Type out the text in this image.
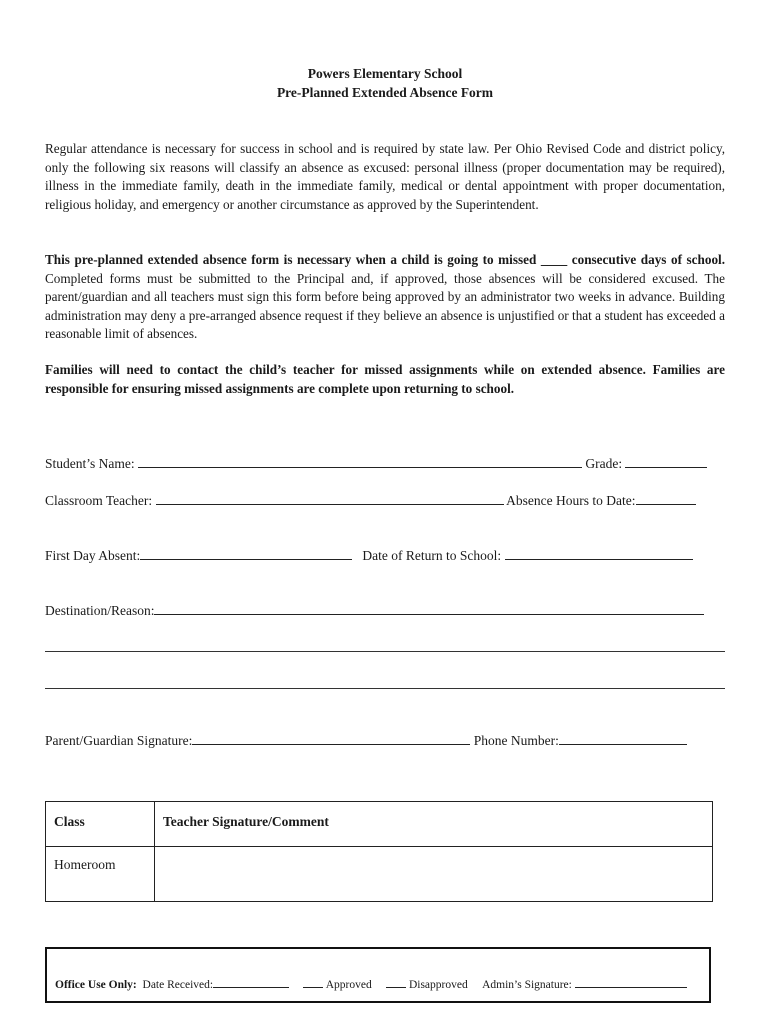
Powers Elementary School
Pre-Planned Extended Absence Form
Regular attendance is necessary for success in school and is required by state law. Per Ohio Revised Code and district policy, only the following six reasons will classify an absence as excused: personal illness (proper documentation may be required), illness in the immediate family, death in the immediate family, medical or dental appointment with proper documentation, religious holiday, and emergency or another circumstance as approved by the Superintendent.
This pre-planned extended absence form is necessary when a child is going to missed ____ consecutive days of school. Completed forms must be submitted to the Principal and, if approved, those absences will be considered excused. The parent/guardian and all teachers must sign this form before being approved by an administrator two weeks in advance. Building administration may deny a pre-arranged absence request if they believe an absence is unjustified or that a student has exceeded a reasonable limit of absences.
Families will need to contact the child’s teacher for missed assignments while on extended absence. Families are responsible for ensuring missed assignments are complete upon returning to school.
Student’s Name:	Grade:
Classroom Teacher:	Absence Hours to Date:
First Day Absent:	Date of Return to School:
Destination/Reason:
Parent/Guardian Signature:	Phone Number:
Class	Teacher Signature/Comment
Homeroom	
Office Use Only: Date Received:	Approved	Disapproved Admin’s Signature:
